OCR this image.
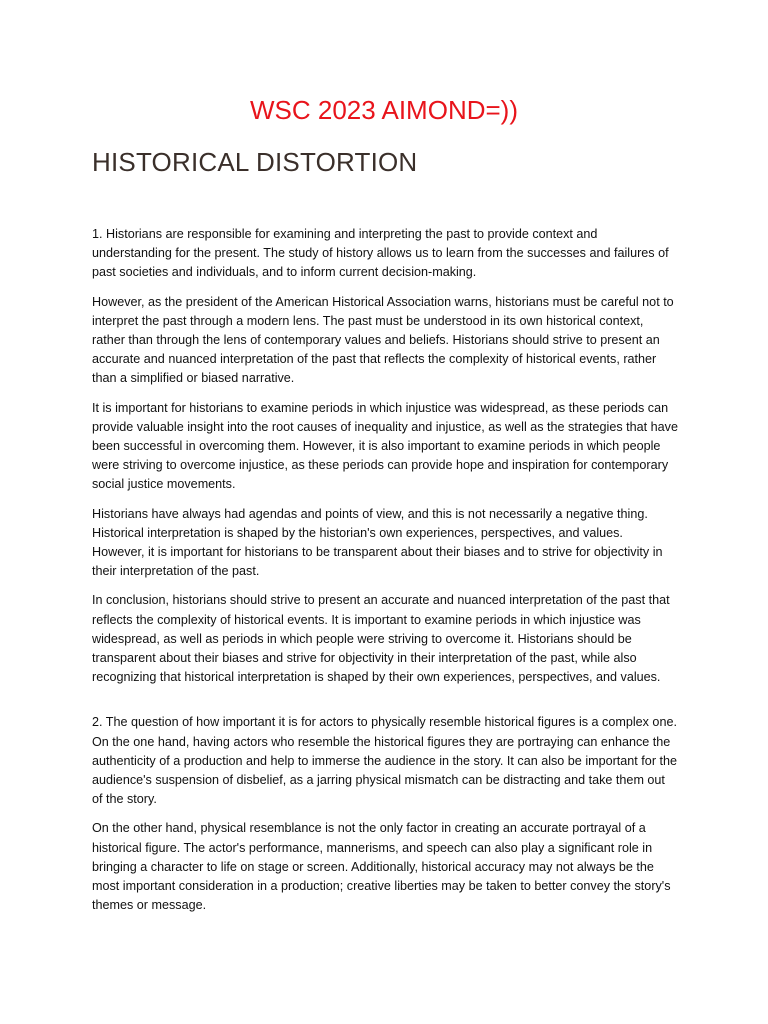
WSC 2023 AIMOND=))
HISTORICAL DISTORTION

1. Historians are responsible for examining and interpreting the past to provide context and understanding for the present. The study of history allows us to learn from the successes and failures of past societies and individuals, and to inform current decision-making.

However, as the president of the American Historical Association warns, historians must be careful not to interpret the past through a modern lens. The past must be understood in its own historical context, rather than through the lens of contemporary values and beliefs. Historians should strive to present an accurate and nuanced interpretation of the past that reflects the complexity of historical events, rather than a simplified or biased narrative.

It is important for historians to examine periods in which injustice was widespread, as these periods can provide valuable insight into the root causes of inequality and injustice, as well as the strategies that have been successful in overcoming them. However, it is also important to examine periods in which people were striving to overcome injustice, as these periods can provide hope and inspiration for contemporary social justice movements.

Historians have always had agendas and points of view, and this is not necessarily a negative thing. Historical interpretation is shaped by the historian's own experiences, perspectives, and values. However, it is important for historians to be transparent about their biases and to strive for objectivity in their interpretation of the past.

In conclusion, historians should strive to present an accurate and nuanced interpretation of the past that reflects the complexity of historical events. It is important to examine periods in which injustice was widespread, as well as periods in which people were striving to overcome it. Historians should be transparent about their biases and strive for objectivity in their interpretation of the past, while also recognizing that historical interpretation is shaped by their own experiences, perspectives, and values.

2. The question of how important it is for actors to physically resemble historical figures is a complex one. On the one hand, having actors who resemble the historical figures they are portraying can enhance the authenticity of a production and help to immerse the audience in the story. It can also be important for the audience's suspension of disbelief, as a jarring physical mismatch can be distracting and take them out of the story.

On the other hand, physical resemblance is not the only factor in creating an accurate portrayal of a historical figure. The actor's performance, mannerisms, and speech can also play a significant role in bringing a character to life on stage or screen. Additionally, historical accuracy may not always be the most important consideration in a production; creative liberties may be taken to better convey the story's themes or message.
